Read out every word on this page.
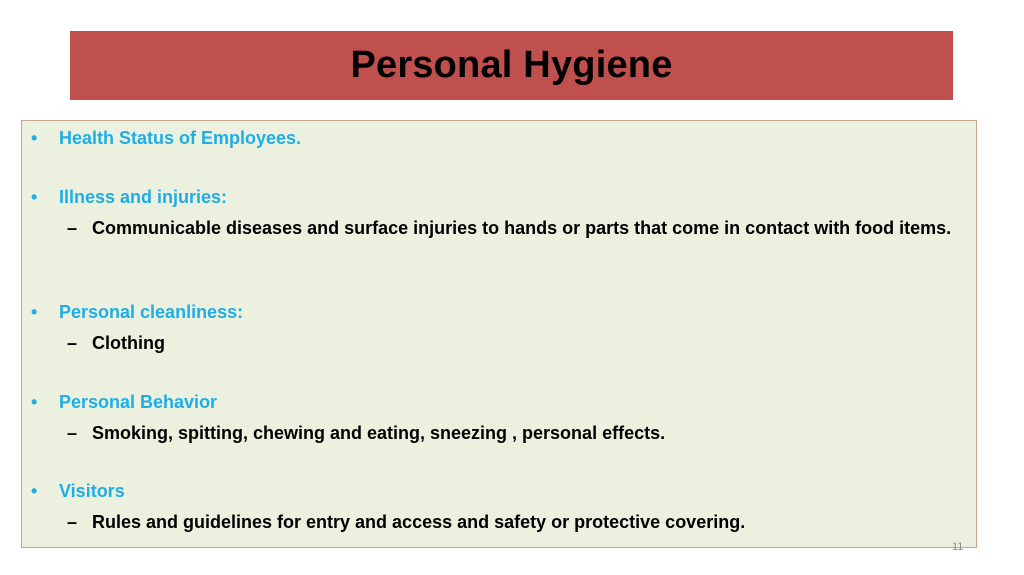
Personal Hygiene
•	Health Status of Employees.
•	Illness and injuries:
– Communicable diseases and surface injuries to hands or parts that come in contact with food items.
•	Personal cleanliness:
– Clothing
•	Personal Behavior
– Smoking, spitting, chewing and eating, sneezing , personal effects.
•	Visitors
– Rules and guidelines for entry and access and safety or protective covering.
11
